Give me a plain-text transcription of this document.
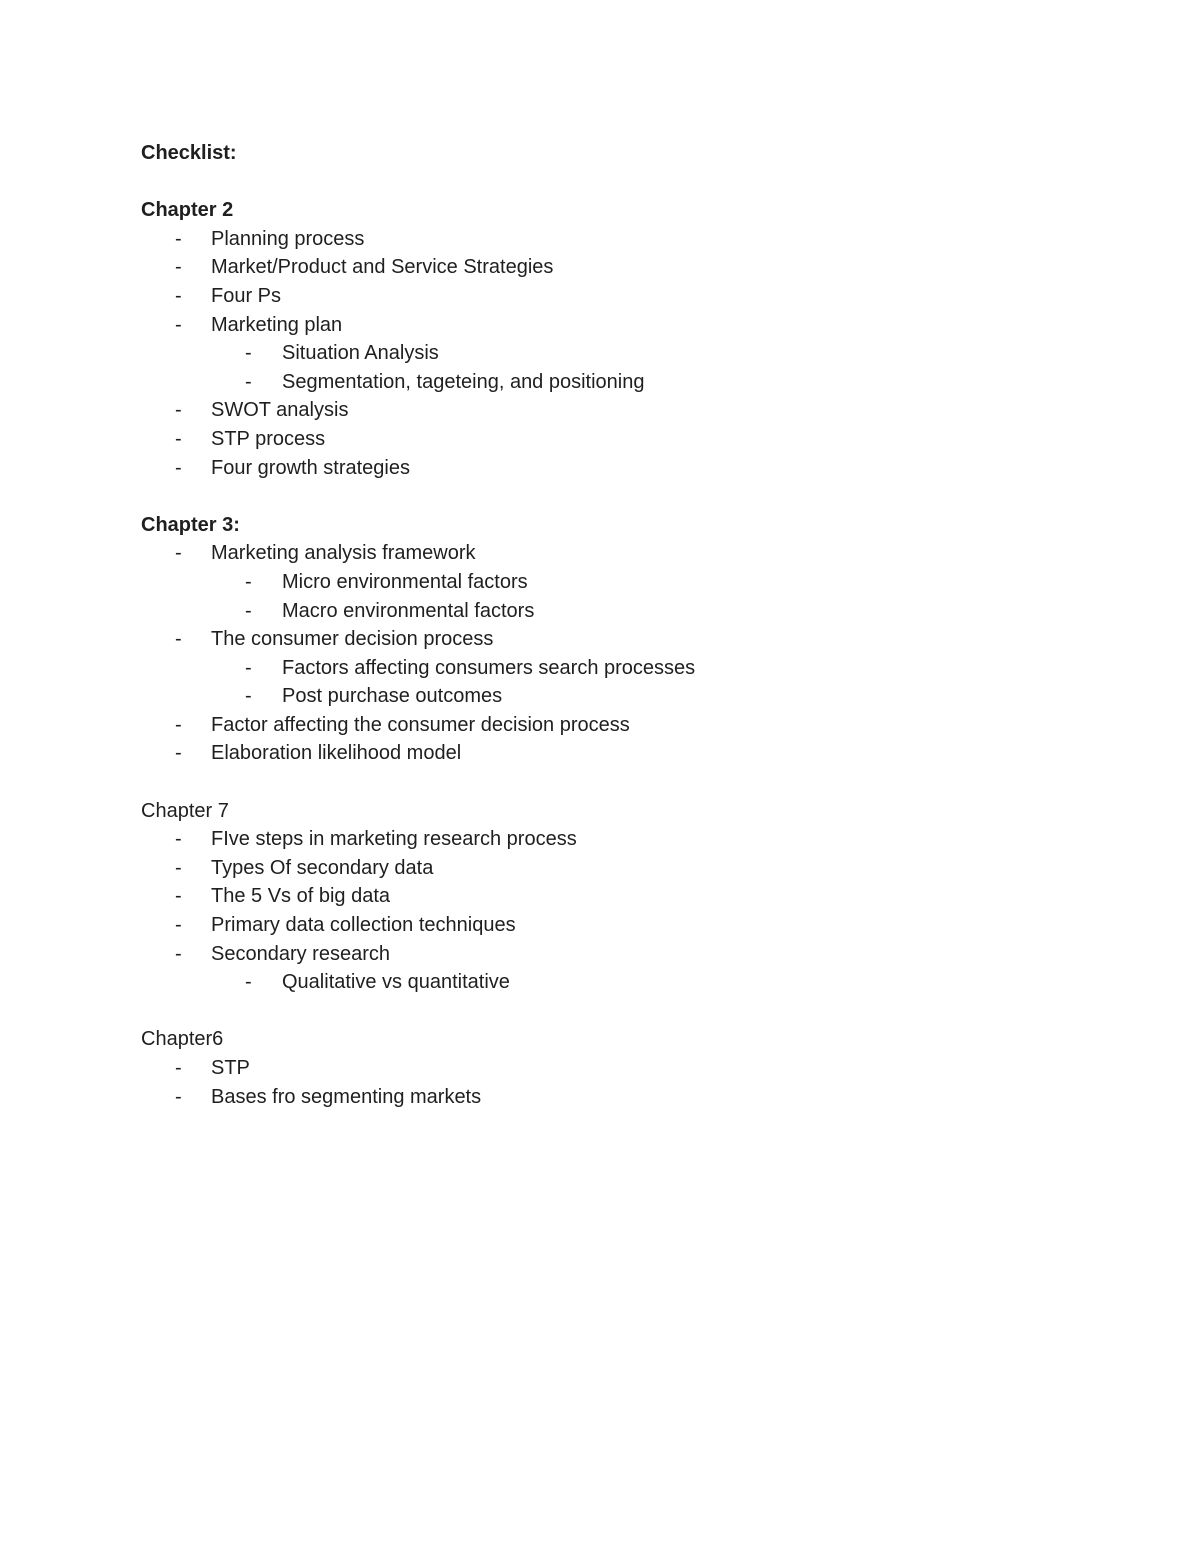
Checklist:
Chapter 2
- Planning process
- Market/Product and Service Strategies
- Four Ps
- Marketing plan
- Situation Analysis
- Segmentation, tageteing, and positioning
- SWOT analysis
- STP process
- Four growth strategies
Chapter 3:
- Marketing analysis framework
- Micro environmental factors
- Macro environmental factors
- The consumer decision process
- Factors affecting consumers search processes
- Post purchase outcomes
- Factor affecting the consumer decision process
- Elaboration likelihood model
Chapter 7
- FIve steps in marketing research process
- Types Of secondary data
- The 5 Vs of big data
- Primary data collection techniques
- Secondary research
- Qualitative vs quantitative
Chapter6
- STP
- Bases fro segmenting markets
